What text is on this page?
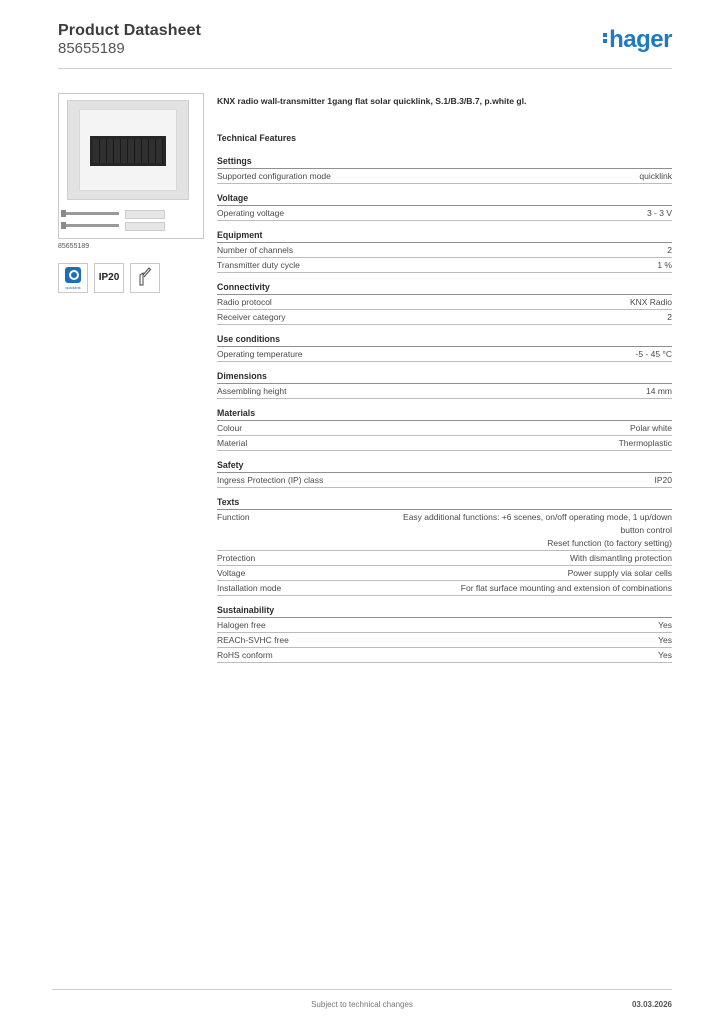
Product Datasheet
85655189	hager
85655189
quicklink
IP20
KNX radio wall-transmitter 1gang flat solar quicklink, S.1/B.3/B.7, p.white gl.
Technical Features
Settings
Supported configuration mode	quicklink
Voltage
Operating voltage	3 - 3 V
Equipment
Number of channels	2
Transmitter duty cycle	1 %
Connectivity
Radio protocol	KNX Radio
Receiver category	2
Use conditions
Operating temperature	-5 - 45 °C
Dimensions
Assembling height	14 mm
Materials
Colour	Polar white
Material	Thermoplastic
Safety
Ingress Protection (IP) class	IP20
Texts
Function	Easy additional functions: +6 scenes, on/off operating mode, 1 up/down
button control
Reset function (to factory setting)
Protection	With dismantling protection
Voltage	Power supply via solar cells
Installation mode	For flat surface mounting and extension of combinations
Sustainability
Halogen free	Yes
REACh-SVHC free	Yes
RoHS conform	Yes
Subject to technical changes	03.03.2026
